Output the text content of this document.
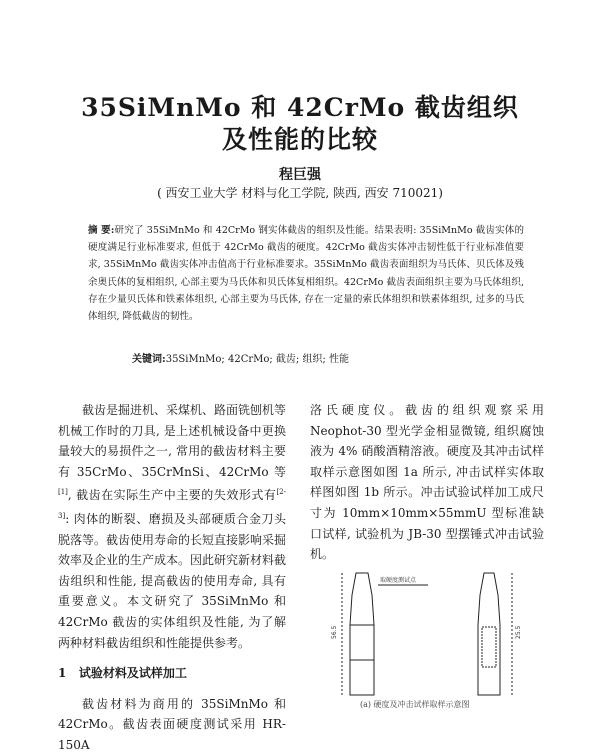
35SiMnMo 和 42CrMo 截齿组织
及性能的比较
程巨强
( 西安工业大学 材料与化工学院, 陕西, 西安 710021)
摘 要:研究了 35SiMnMo 和 42CrMo 钢实体截齿的组织及性能。结果表明: 35SiMnMo 截齿实体的硬度满足行业标准要求, 但低于 42CrMo 截齿的硬度。42CrMo 截齿实体冲击韧性低于行业标准值要求, 35SiMnMo 截齿实体冲击值高于行业标准要求。35SiMnMo 截齿表面组织为马氏体、贝氏体及残余奥氏体的复相组织, 心部主要为马氏体和贝氏体复相组织。42CrMo 截齿表面组织主要为马氏体组织, 存在少量贝氏体和铁素体组织, 心部主要为马氏体, 存在一定量的索氏体组织和铁素体组织, 过多的马氏体组织, 降低截齿的韧性。
关键词:35SiMnMo; 42CrMo; 截齿; 组织; 性能

截齿是掘进机、采煤机、路面铣刨机等机械工作时的刀具, 是上述机械设备中更换量较大的易损件之一, 常用的截齿材料主要有 35CrMo、35CrMnSi、42CrMo 等[1], 截齿在实际生产中主要的失效形式有[2-3]: 肉体的断裂、磨损及头部硬质合金刀头脱落等。截齿使用寿命的长短直接影响采掘效率及企业的生产成本。因此研究新材料截齿组织和性能, 提高截齿的使用寿命, 具有重要意义。本文研究了 35SiMnMo 和 42CrMo 截齿的实体组织及性能, 为了解两种材料截齿组织和性能提供参考。

1 试验材料及试样加工

截齿材料为商用的 35SiMnMo 和 42CrMo。截齿表面硬度测试采用 HR-150A

洛氏硬度仪。截齿的组织观察采用 Neophot-30 型光学金相显微镜, 组织腐蚀液为 4% 硝酸酒精溶液。硬度及其冲击试样取样示意图如图 1a 所示, 冲击试样实体取样图如图 1b 所示。冲击试验试样加工成尺寸为 10mm×10mm×55mmU 型标准缺口试样, 试验机为 JB-30 型摆锤式冲击试验机。

取硬度测试点
56.5	25.5
(a) 硬度及冲击试样取样示意图
